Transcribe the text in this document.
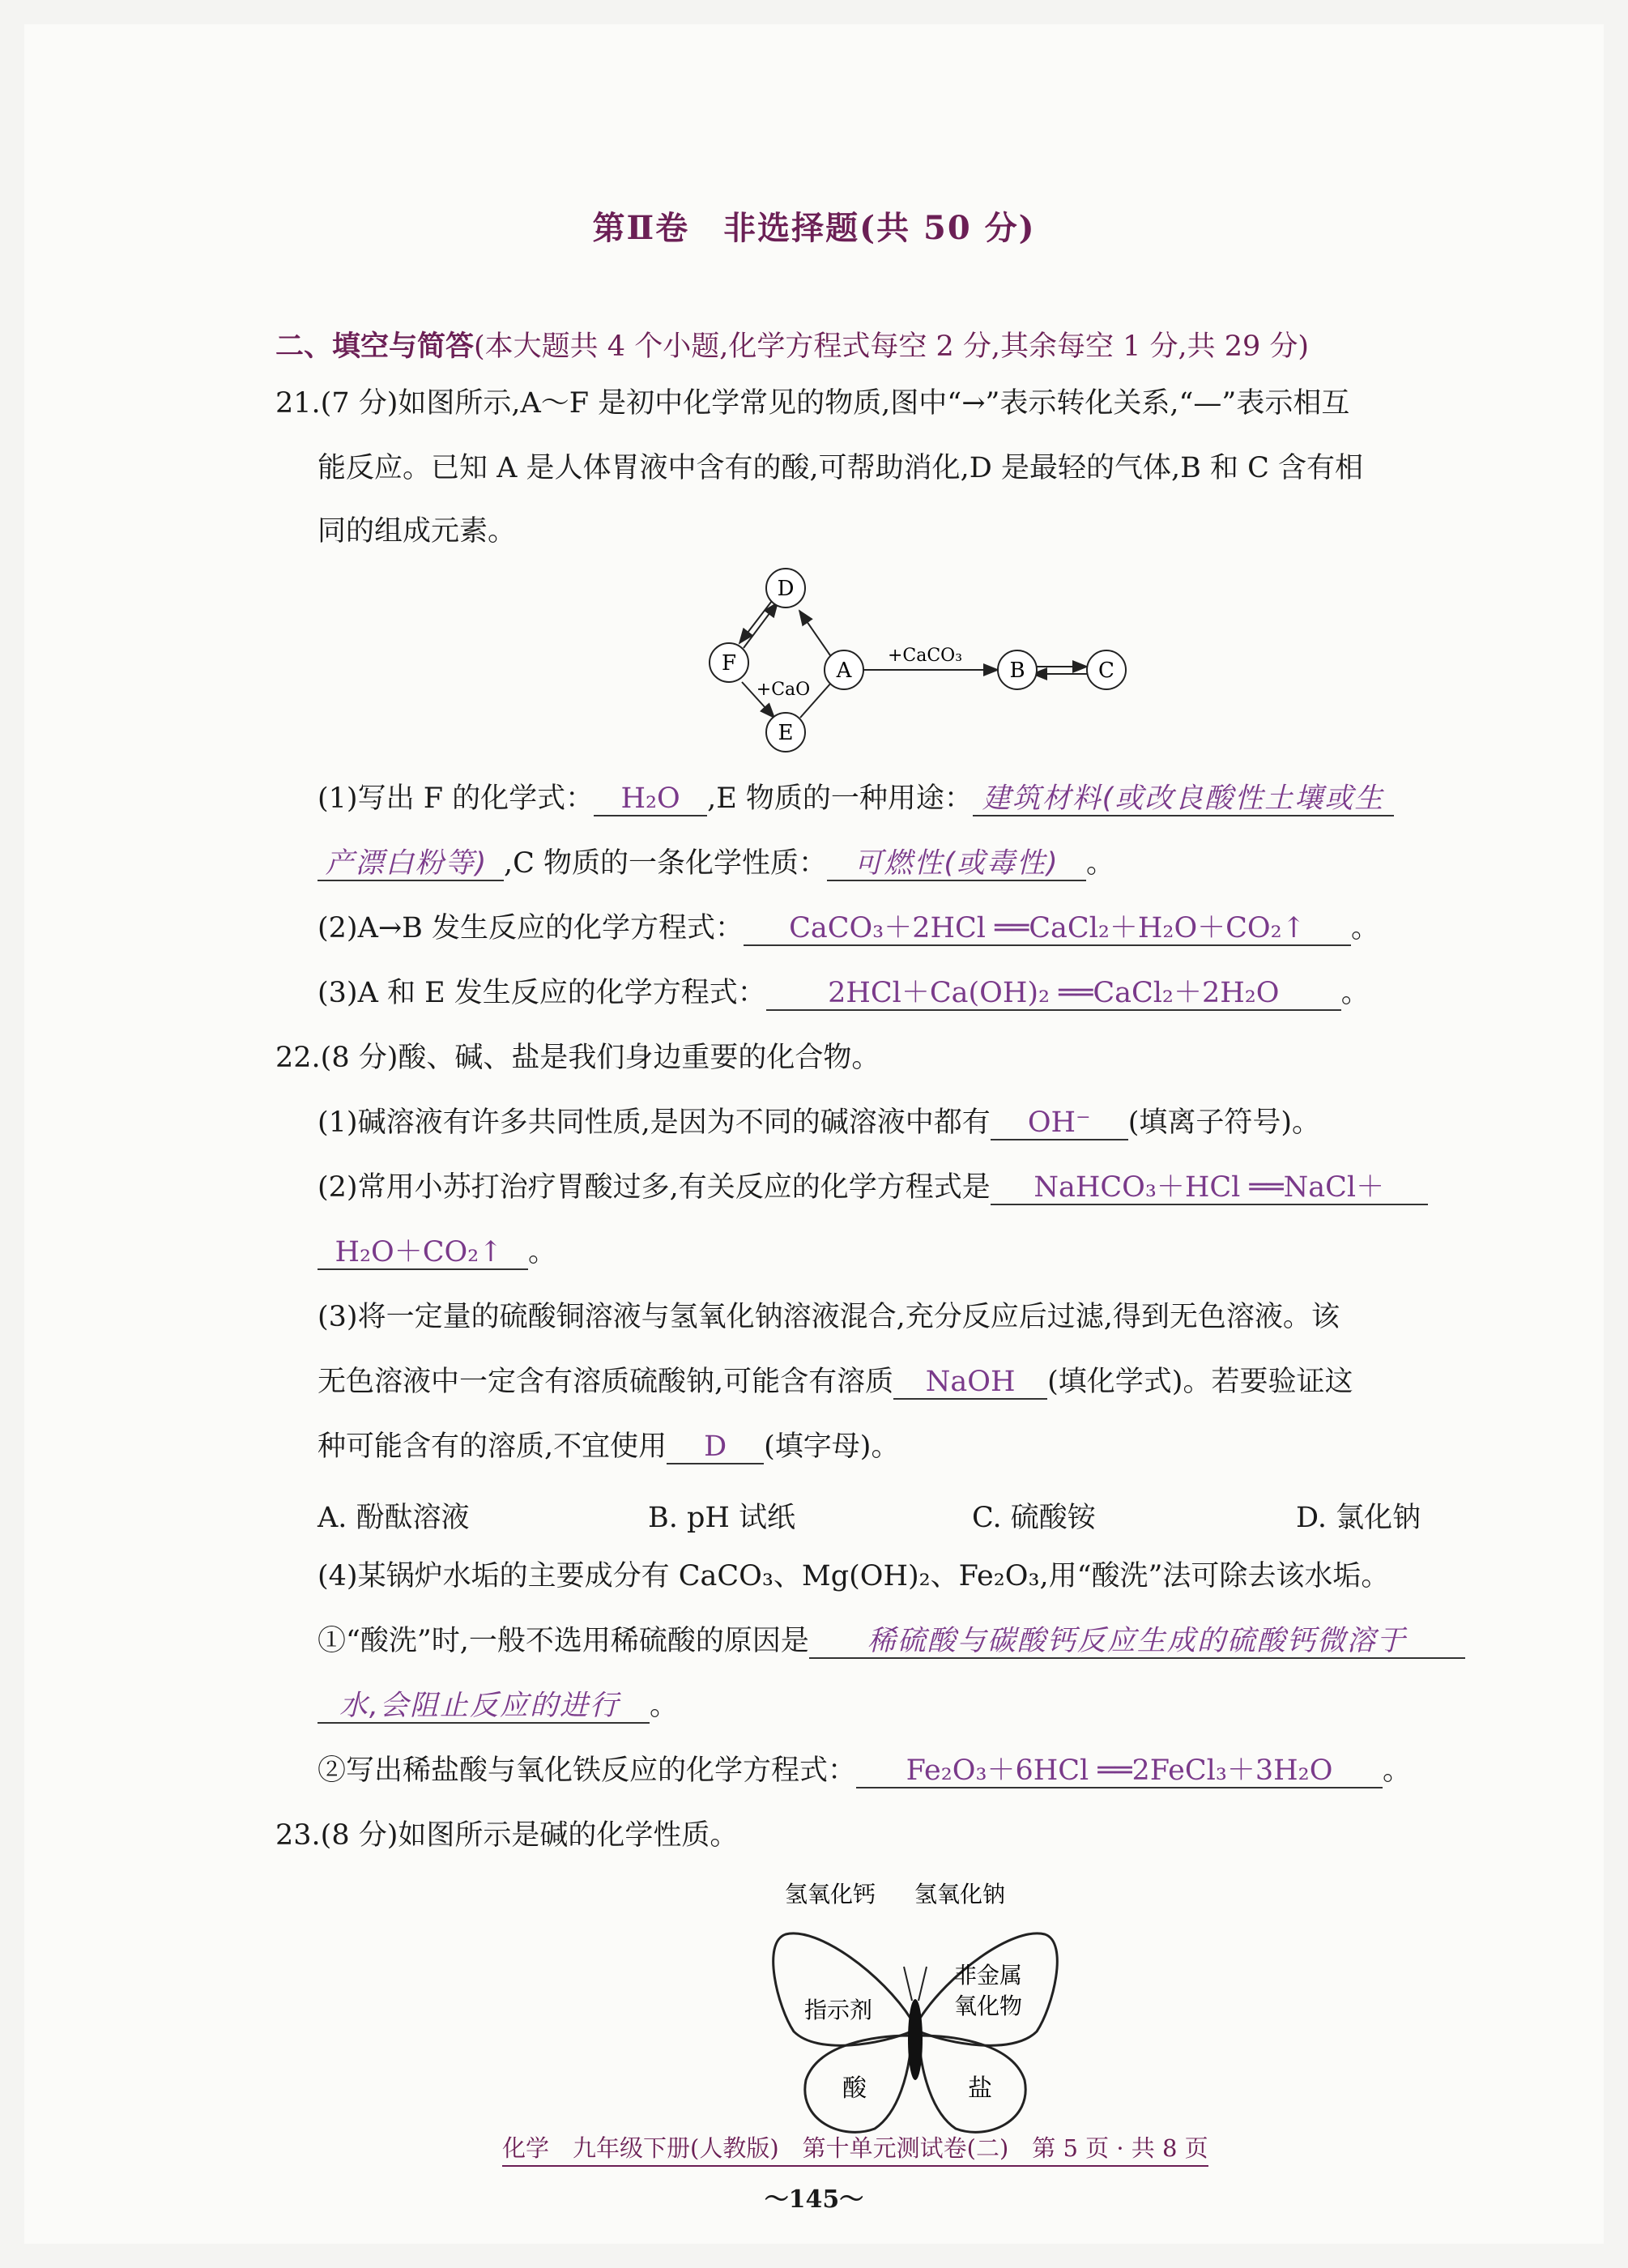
第Ⅱ卷　非选择题(共 50 分)
二、填空与简答(本大题共 4 个小题,化学方程式每空 2 分,其余每空 1 分,共 29 分)
21.(7 分)如图所示,A～F 是初中化学常见的物质,图中“→”表示转化关系,“—”表示相互
能反应。已知 A 是人体胃液中含有的酸,可帮助消化,D 是最轻的气体,B 和 C 含有相
同的组成元素。
D
F	A	B	C
E
+CaCO₃
+CaO
(1)写出 F 的化学式： H₂O ,E 物质的一种用途： 建筑材料(或改良酸性土壤或生
产漂白粉等) ,C 物质的一条化学性质： 可燃性(或毒性) 。
(2)A→B 发生反应的化学方程式： CaCO₃＋2HCl ══CaCl₂＋H₂O＋CO₂↑ 。
(3)A 和 E 发生反应的化学方程式： 2HCl＋Ca(OH)₂ ══CaCl₂＋2H₂O 。
22.(8 分)酸、碱、盐是我们身边重要的化合物。
(1)碱溶液有许多共同性质,是因为不同的碱溶液中都有 OH⁻ (填离子符号)。
(2)常用小苏打治疗胃酸过多,有关反应的化学方程式是 NaHCO₃＋HCl ══NaCl＋
H₂O＋CO₂↑ 。
(3)将一定量的硫酸铜溶液与氢氧化钠溶液混合,充分反应后过滤,得到无色溶液。该
无色溶液中一定含有溶质硫酸钠,可能含有溶质 NaOH (填化学式)。若要验证这
种可能含有的溶质,不宜使用 D (填字母)。
A. 酚酞溶液	B. pH 试纸	C. 硫酸铵	D. 氯化钠
(4)某锅炉水垢的主要成分有 CaCO₃、Mg(OH)₂、Fe₂O₃,用“酸洗”法可除去该水垢。
①“酸洗”时,一般不选用稀硫酸的原因是 稀硫酸与碳酸钙反应生成的硫酸钙微溶于
水,会阻止反应的进行 。
②写出稀盐酸与氧化铁反应的化学方程式： Fe₂O₃＋6HCl ══2FeCl₃＋3H₂O 。
23.(8 分)如图所示是碱的化学性质。
氢氧化钙 氢氧化钠
指示剂
非金属
氧化物
酸	盐
化学　九年级下册(人教版)　第十单元测试卷(二)　第 5 页 · 共 8 页
～145～
